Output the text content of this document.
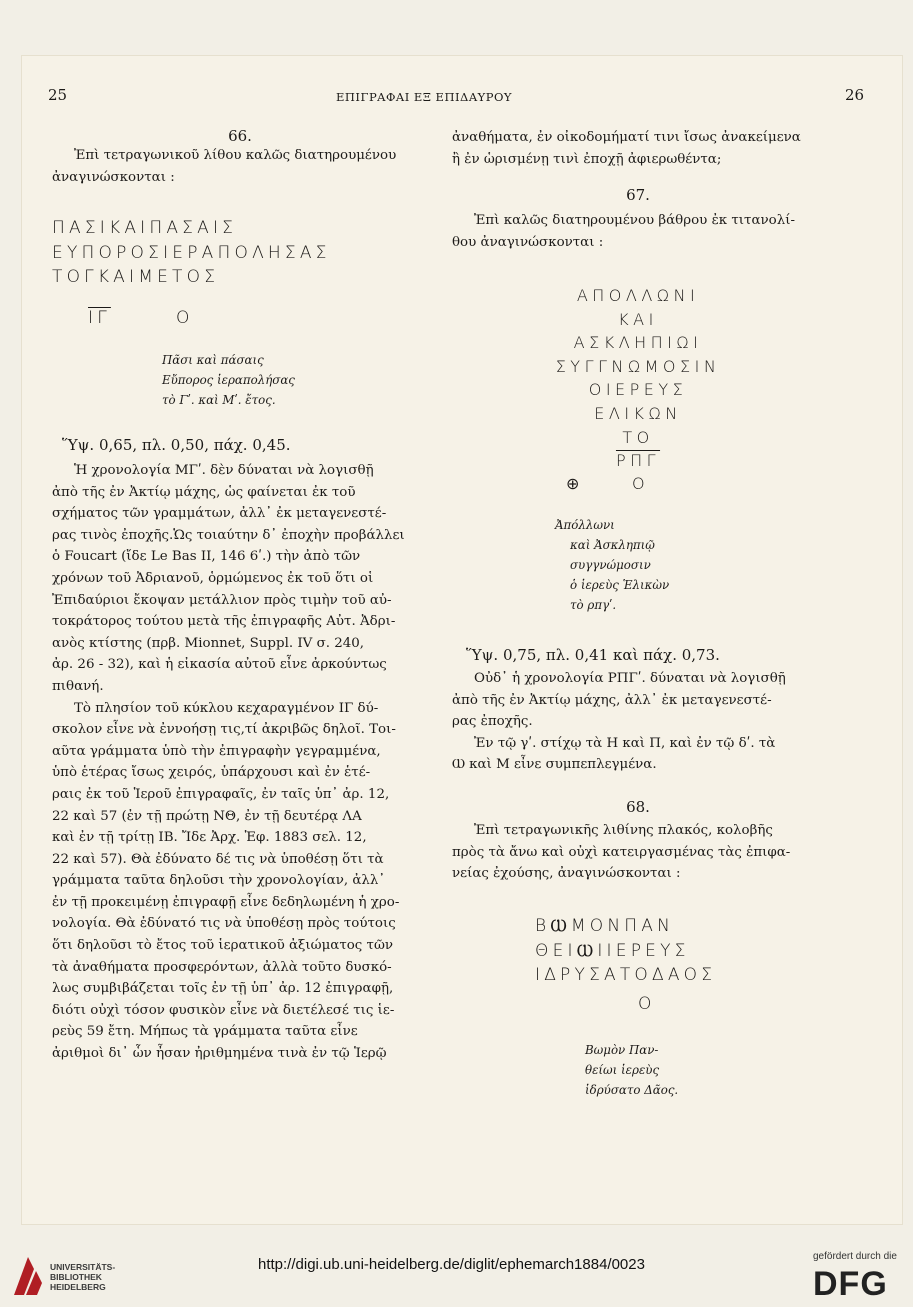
25	ΕΠΙΓΡΑΦΑΙ ΕΞ ΕΠΙΔΑΥΡΟΥ	26
66.

Ἐπὶ τετραγωνικοῦ λίθου καλῶς διατηρουμένου

ἀναγινώσκονται :

ΠΑΣΙΚΑΙΠΑΣΑΙΣ
ΕΥΠΟΡΟΣΙΕΡΑΠΟΛΗΣΑΣ
ΤΟΓΚΑΙΜΕΤΟΣ
$\overline{I\Gamma}$	Ο
Πᾶσι καὶ πάσαις
Εὔπορος ἱεραπολήσας
τὸ Γʹ. καὶ Μʹ. ἔτος.
Ὕψ. 0,65, πλ. 0,50, πάχ. 0,45.

Ἡ χρονολογία ΜΓʹ. δὲν δύναται νὰ λογισθῇ

ἀπὸ τῆς ἐν Ἀκτίῳ μάχης, ὡς φαίνεται ἐκ τοῦ

σχήματος τῶν γραμμάτων, ἀλλ᾽ ἐκ μεταγενεστέ-

ρας τινὸς ἐποχῆς.Ὡς τοιαύτην δ᾽ ἐποχὴν προβάλλει

ὁ Foucart (ἴδε Le Bas II, 146 6ʹ.) τὴν ἀπὸ τῶν

χρόνων τοῦ Ἀδριανοῦ, ὁρμώμενος ἐκ τοῦ ὅτι οἱ

Ἐπιδαύριοι ἔκοψαν μετάλλιον πρὸς τιμὴν τοῦ αὐ-

τοκράτορος τούτου μετὰ τῆς ἐπιγραφῆς Αὐτ. Ἀδρι-

ανὸς κτίστης (πρβ. Mionnet, Suppl. IV σ. 240,

ἀρ. 26 - 32), καὶ ἡ εἰκασία αὐτοῦ εἶνε ἀρκούντως

πιθανή.

Τὸ πλησίον τοῦ κύκλου κεχαραγμένον ΙΓ δύ-

σκολον εἶνε νὰ ἐννοήσῃ τις,τί ἀκριβῶς δηλοῖ. Τοι-

αῦτα γράμματα ὑπὸ τὴν ἐπιγραφὴν γεγραμμένα,

ὑπὸ ἑτέρας ἴσως χειρός, ὑπάρχουσι καὶ ἐν ἑτέ-

ραις ἐκ τοῦ Ἱεροῦ ἐπιγραφαῖς, ἐν ταῖς ὑπ᾽ ἀρ. 12,

22 καὶ 57 (ἐν τῇ πρώτῃ ΝΘ, ἐν τῇ δευτέρᾳ ΛΑ

καὶ ἐν τῇ τρίτῃ ΙΒ. Ἴδε Ἀρχ. Ἐφ. 1883 σελ. 12,

22 καὶ 57). Θὰ ἐδύνατο δέ τις νὰ ὑποθέσῃ ὅτι τὰ

γράμματα ταῦτα δηλοῦσι τὴν χρονολογίαν, ἀλλ᾽

ἐν τῇ προκειμένῃ ἐπιγραφῇ εἶνε δεδηλωμένη ἡ χρο-

νολογία. Θὰ ἐδύνατό τις νὰ ὑποθέσῃ πρὸς τούτοις

ὅτι δηλοῦσι τὸ ἔτος τοῦ ἱερατικοῦ ἀξιώματος τῶν

τὰ ἀναθήματα προσφερόντων, ἀλλὰ τοῦτο δυσκό-

λως συμβιβάζεται τοῖς ἐν τῇ ὑπ᾽ ἀρ. 12 ἐπιγραφῇ,

διότι οὐχὶ τόσον φυσικὸν εἶνε νὰ διετέλεσέ τις ἱε-

ρεὺς 59 ἔτη. Μήπως τὰ γράμματα ταῦτα εἶνε

ἀριθμοὶ δι᾽ ὧν ἦσαν ἠριθμημένα τινὰ ἐν τῷ Ἱερῷ

ἀναθήματα, ἐν οἰκοδομήματί τινι ἴσως ἀνακείμενα

ἢ ἐν ὡρισμένῃ τινὶ ἐποχῇ ἀφιερωθέντα;

67.

Ἐπὶ καλῶς διατηρουμένου βάθρου ἐκ τιτανολί-

θου ἀναγινώσκονται :

ΑΠΟΛΛΩΝΙ
ΚΑΙ
ΑΣΚΛΗΠΙΩΙ
ΣΥΓΓΝΩΜΟΣΙΝ
ΟΙΕΡΕΥΣ
ΕΛΙΚΩΝ
ΤΟ
$\overline{P\Pi\Gamma}$
⊕	Ο
Ἀπόλλωνι
καὶ Ἀσκληπιῷ
συγγνώμοσιν
ὁ ἱερεὺς Ἑλικὼν
τὸ ρπγʹ.
Ὕψ. 0,75, πλ. 0,41 καὶ πάχ. 0,73.

Οὐδ᾽ ἡ χρονολογία ΡΠΓʹ. δύναται νὰ λογισθῇ

ἀπὸ τῆς ἐν Ἀκτίῳ μάχης, ἀλλ᾽ ἐκ μεταγενεστέ-

ρας ἐποχῆς.

Ἐν τῷ γʹ. στίχῳ τὰ Η καὶ Π, καὶ ἐν τῷ δʹ. τὰ

Ⲱ καὶ Μ εἶνε συμπεπλεγμένα.

68.

Ἐπὶ τετραγωνικῆς λιθίνης πλακός, κολοβῆς

πρὸς τὰ ἄνω καὶ οὐχὶ κατειργασμένας τὰς ἐπιφα-

νείας ἐχούσης, ἀναγινώσκονται :

ΒⲰΜΟΝΠΑΝ
ΘΕΙⲰΙΙΕΡΕΥΣ
ΙΔΡΥΣΑΤΟΔΑΟΣ
Ο
Βωμὸν Παν-
θείωι ἱερεὺς
ἱδρύσατο Δᾶος.
UNIVERSITÄTS-
BIBLIOTHEK
HEIDELBERG
http://digi.ub.uni-heidelberg.de/diglit/ephemarch1884/0023	gefördert durch die
DFG
